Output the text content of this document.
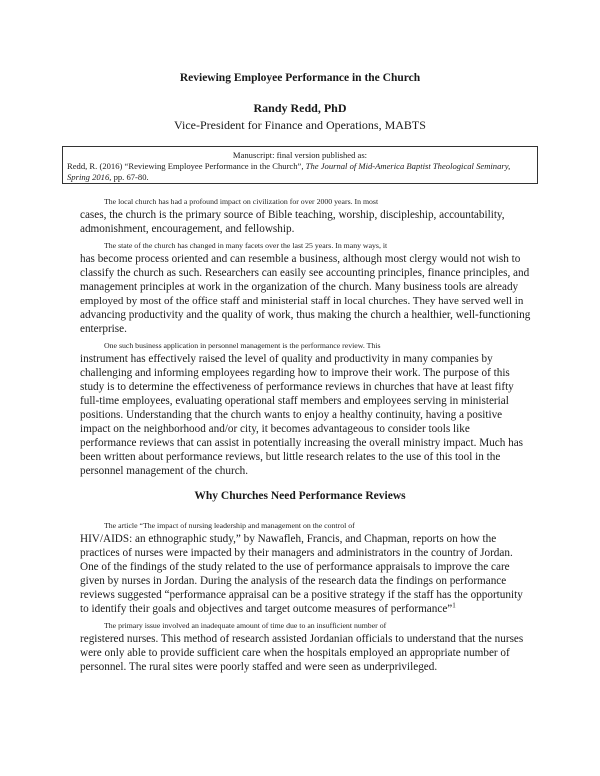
Reviewing Employee Performance in the Church
Randy Redd, PhD
Vice-President for Finance and Operations, MABTS
Manuscript: final version published as:
Redd, R. (2016) “Reviewing Employee Performance in the Church”, The Journal of Mid-America Baptist Theological Seminary,
Spring 2016, pp. 67-80.
The local church has had a profound impact on civilization for over 2000 years. In most
cases, the church is the primary source of Bible teaching, worship, discipleship, accountability,
admonishment, encouragement, and fellowship.
The state of the church has changed in many facets over the last 25 years. In many ways, it
has become process oriented and can resemble a business, although most clergy would not wish to
classify the church as such. Researchers can easily see accounting principles, finance principles, and
management principles at work in the organization of the church. Many business tools are already
employed by most of the office staff and ministerial staff in local churches. They have served well in
advancing productivity and the quality of work, thus making the church a healthier, well-functioning
enterprise.
One such business application in personnel management is the performance review. This
instrument has effectively raised the level of quality and productivity in many companies by
challenging and informing employees regarding how to improve their work. The purpose of this
study is to determine the effectiveness of performance reviews in churches that have at least fifty
full-time employees, evaluating operational staff members and employees serving in ministerial
positions. Understanding that the church wants to enjoy a healthy continuity, having a positive
impact on the neighborhood and/or city, it becomes advantageous to consider tools like
performance reviews that can assist in potentially increasing the overall ministry impact. Much has
been written about performance reviews, but little research relates to the use of this tool in the
personnel management of the church.
Why Churches Need Performance Reviews
The article “The impact of nursing leadership and management on the control of
HIV/AIDS: an ethnographic study,” by Nawafleh, Francis, and Chapman, reports on how the
practices of nurses were impacted by their managers and administrators in the country of Jordan.
One of the findings of the study related to the use of performance appraisals to improve the care
given by nurses in Jordan. During the analysis of the research data the findings on performance
reviews suggested “performance appraisal can be a positive strategy if the staff has the opportunity
to identify their goals and objectives and target outcome measures of performance”$^1$
The primary issue involved an inadequate amount of time due to an insufficient number of
registered nurses. This method of research assisted Jordanian officials to understand that the nurses
were only able to provide sufficient care when the hospitals employed an appropriate number of
personnel. The rural sites were poorly staffed and were seen as underprivileged.
